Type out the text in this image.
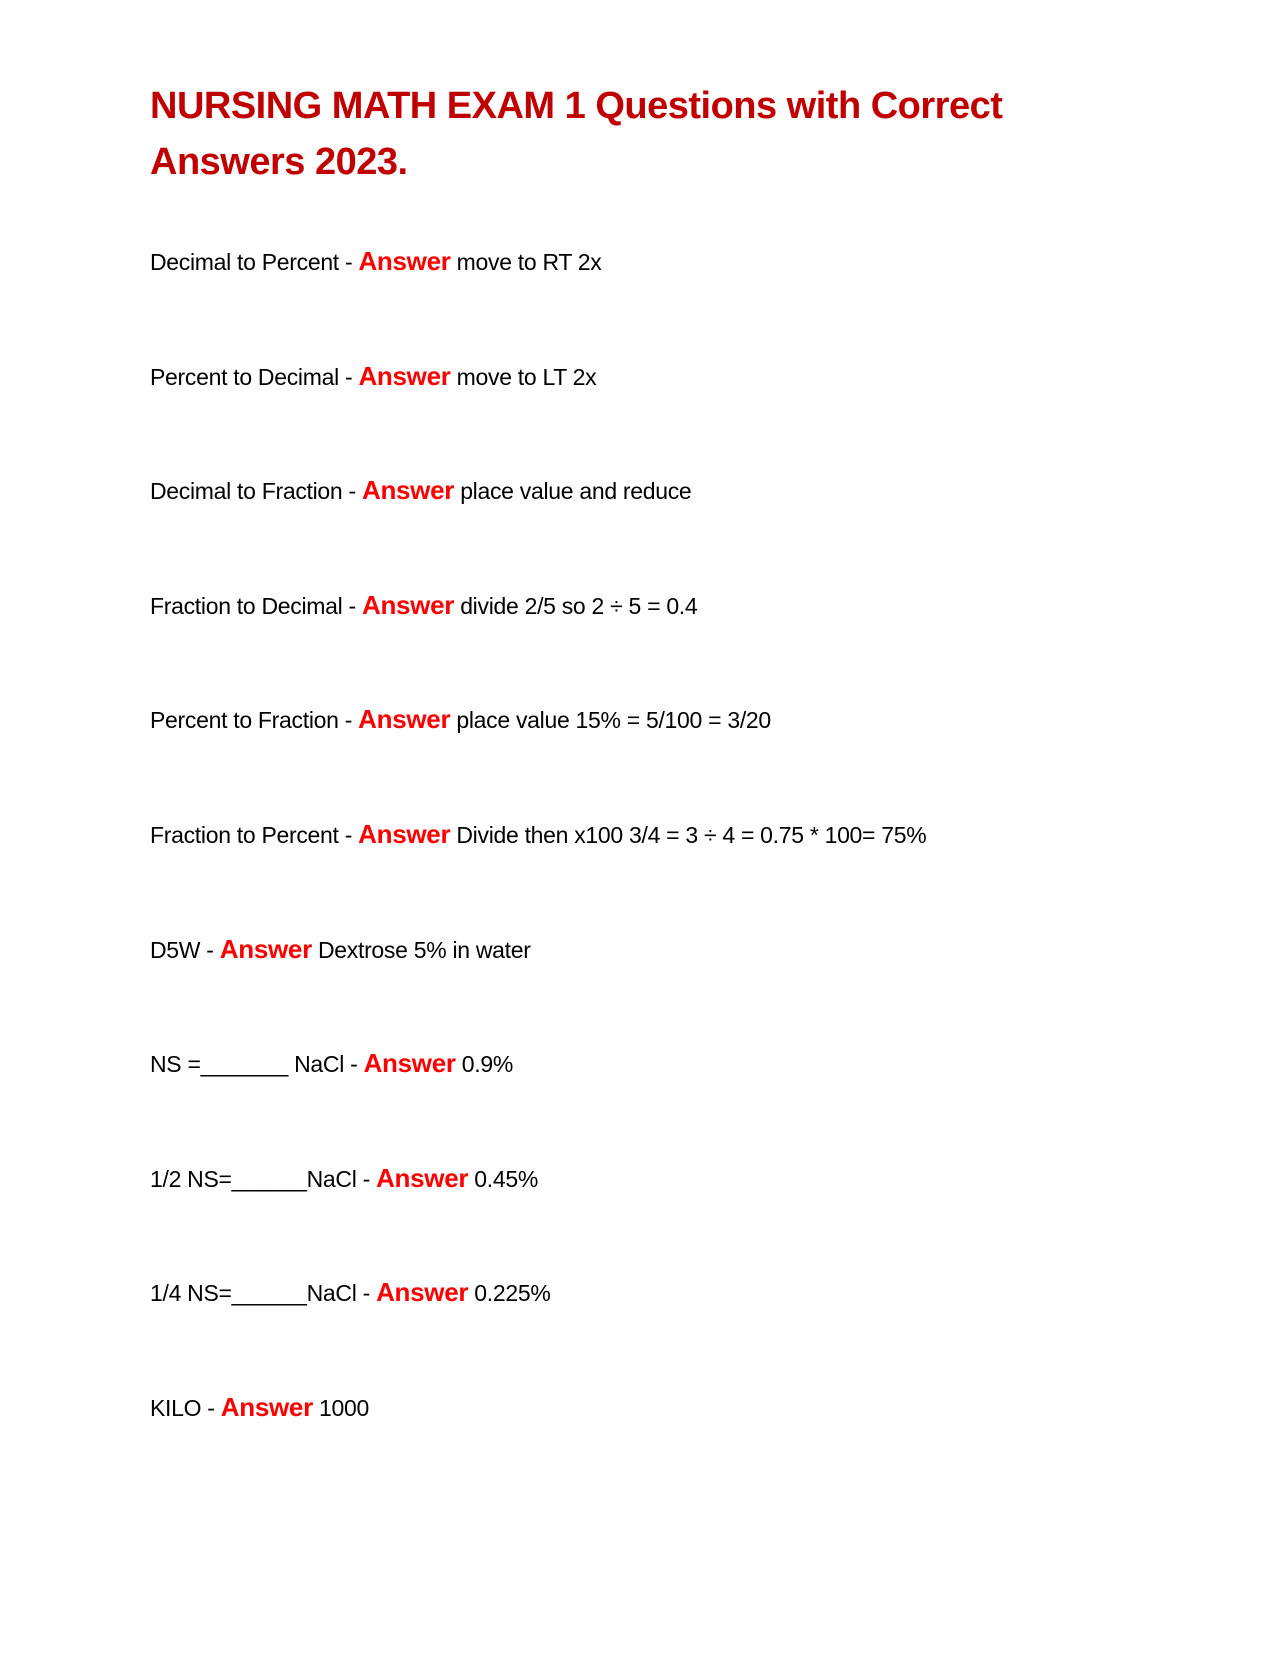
NURSING MATH EXAM 1 Questions with Correct Answers 2023.
Decimal to Percent - Answer move to RT 2x
Percent to Decimal - Answer move to LT 2x
Decimal to Fraction - Answer place value and reduce
Fraction to Decimal - Answer divide 2/5 so 2 ÷ 5 = 0.4
Percent to Fraction - Answer place value 15% = 5/100 = 3/20
Fraction to Percent - Answer Divide then x100 3/4 = 3 ÷ 4 = 0.75 * 100= 75%
D5W - Answer Dextrose 5% in water
NS =_______ NaCl - Answer 0.9%
1/2 NS=______NaCl - Answer 0.45%
1/4 NS=______NaCl - Answer 0.225%
KILO - Answer 1000
